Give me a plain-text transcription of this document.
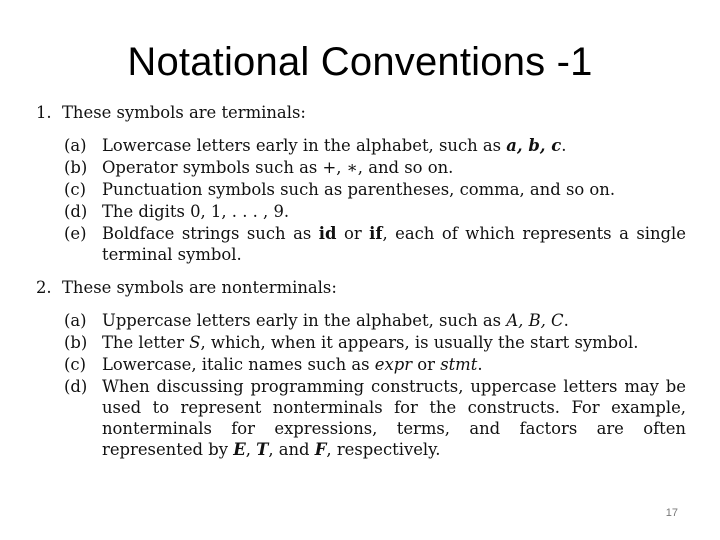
Notational Conventions -1
1. These symbols are terminals:
(a) Lowercase letters early in the alphabet, such as a, b, c.
(b) Operator symbols such as +, ∗, and so on.
(c) Punctuation symbols such as parentheses, comma, and so on.
(d) The digits 0, 1, . . . , 9.
(e) Boldface strings such as id or if, each of which represents a single terminal symbol.
2. These symbols are nonterminals:
(a) Uppercase letters early in the alphabet, such as A, B, C.
(b) The letter S, which, when it appears, is usually the start symbol.
(c) Lowercase, italic names such as expr or stmt.
(d) When discussing programming constructs, uppercase letters may be used to represent nonterminals for the constructs. For example, nonterminals for expressions, terms, and factors are often represented by E, T, and F, respectively.
17
